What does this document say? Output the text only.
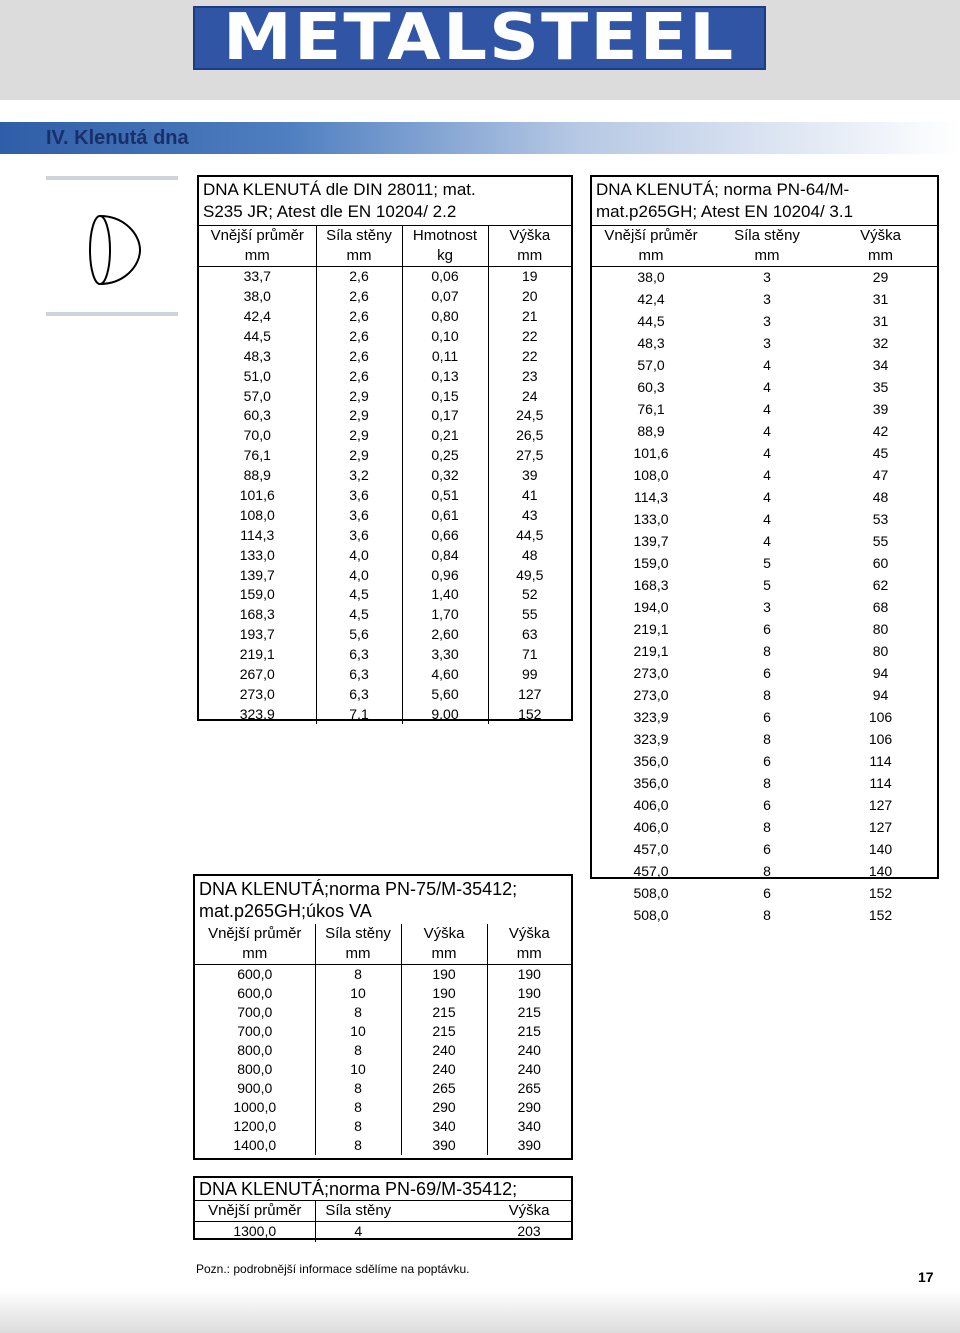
METALSTEEL
IV. Klenutá dna
DNA KLENUTÁ dle DIN 28011; mat.
S235 JR; Atest dle EN 10204/ 2.2			

Vnější průměr	Síla stěny	Hmotnost	Výška
mm	mm	kg	mm
33,7	2,6	0,06	19
38,0	2,6	0,07	20
42,4	2,6	0,80	21
44,5	2,6	0,10	22
48,3	2,6	0,11	22
51,0	2,6	0,13	23
57,0	2,9	0,15	24
60,3	2,9	0,17	24,5
70,0	2,9	0,21	26,5
76,1	2,9	0,25	27,5
88,9	3,2	0,32	39
101,6	3,6	0,51	41
108,0	3,6	0,61	43
114,3	3,6	0,66	44,5
133,0	4,0	0,84	48
139,7	4,0	0,96	49,5
159,0	4,5	1,40	52
168,3	4,5	1,70	55
193,7	5,6	2,60	63
219,1	6,3	3,30	71
267,0	6,3	4,60	99
273,0	6,3	5,60	127
323,9	7,1	9,00	152
DNA KLENUTÁ; norma PN-64/M-
mat.p265GH; Atest EN 10204/ 3.1		

Vnější průměr	Síla stěny	Výška
mm	mm	mm
38,0	3	29
42,4	3	31
44,5	3	31
48,3	3	32
57,0	4	34
60,3	4	35
76,1	4	39
88,9	4	42
101,6	4	45
108,0	4	47
114,3	4	48
133,0	4	53
139,7	4	55
159,0	5	60
168,3	5	62
194,0	3	68
219,1	6	80
219,1	8	80
273,0	6	94
273,0	8	94
323,9	6	106
323,9	8	106
356,0	6	114
356,0	8	114
406,0	6	127
406,0	8	127
457,0	6	140
457,0	8	140
508,0	6	152
508,0	8	152
DNA KLENUTÁ;norma PN-75/M-35412;
mat.p265GH;úkos VA			

Vnější průměr	Síla stěny	Výška	Výška
mm	mm	mm	mm
600,0	8	190	190
600,0	10	190	190
700,0	8	215	215
700,0	10	215	215
800,0	8	240	240
800,0	10	240	240
900,0	8	265	265
1000,0	8	290	290
1200,0	8	340	340
1400,0	8	390	390
DNA KLENUTÁ;norma PN-69/M-35412;			

Vnější průměr	Síla stěny		Výška
1300,0	4		203
Pozn.: podrobnější informace sdělíme na poptávku.	17
